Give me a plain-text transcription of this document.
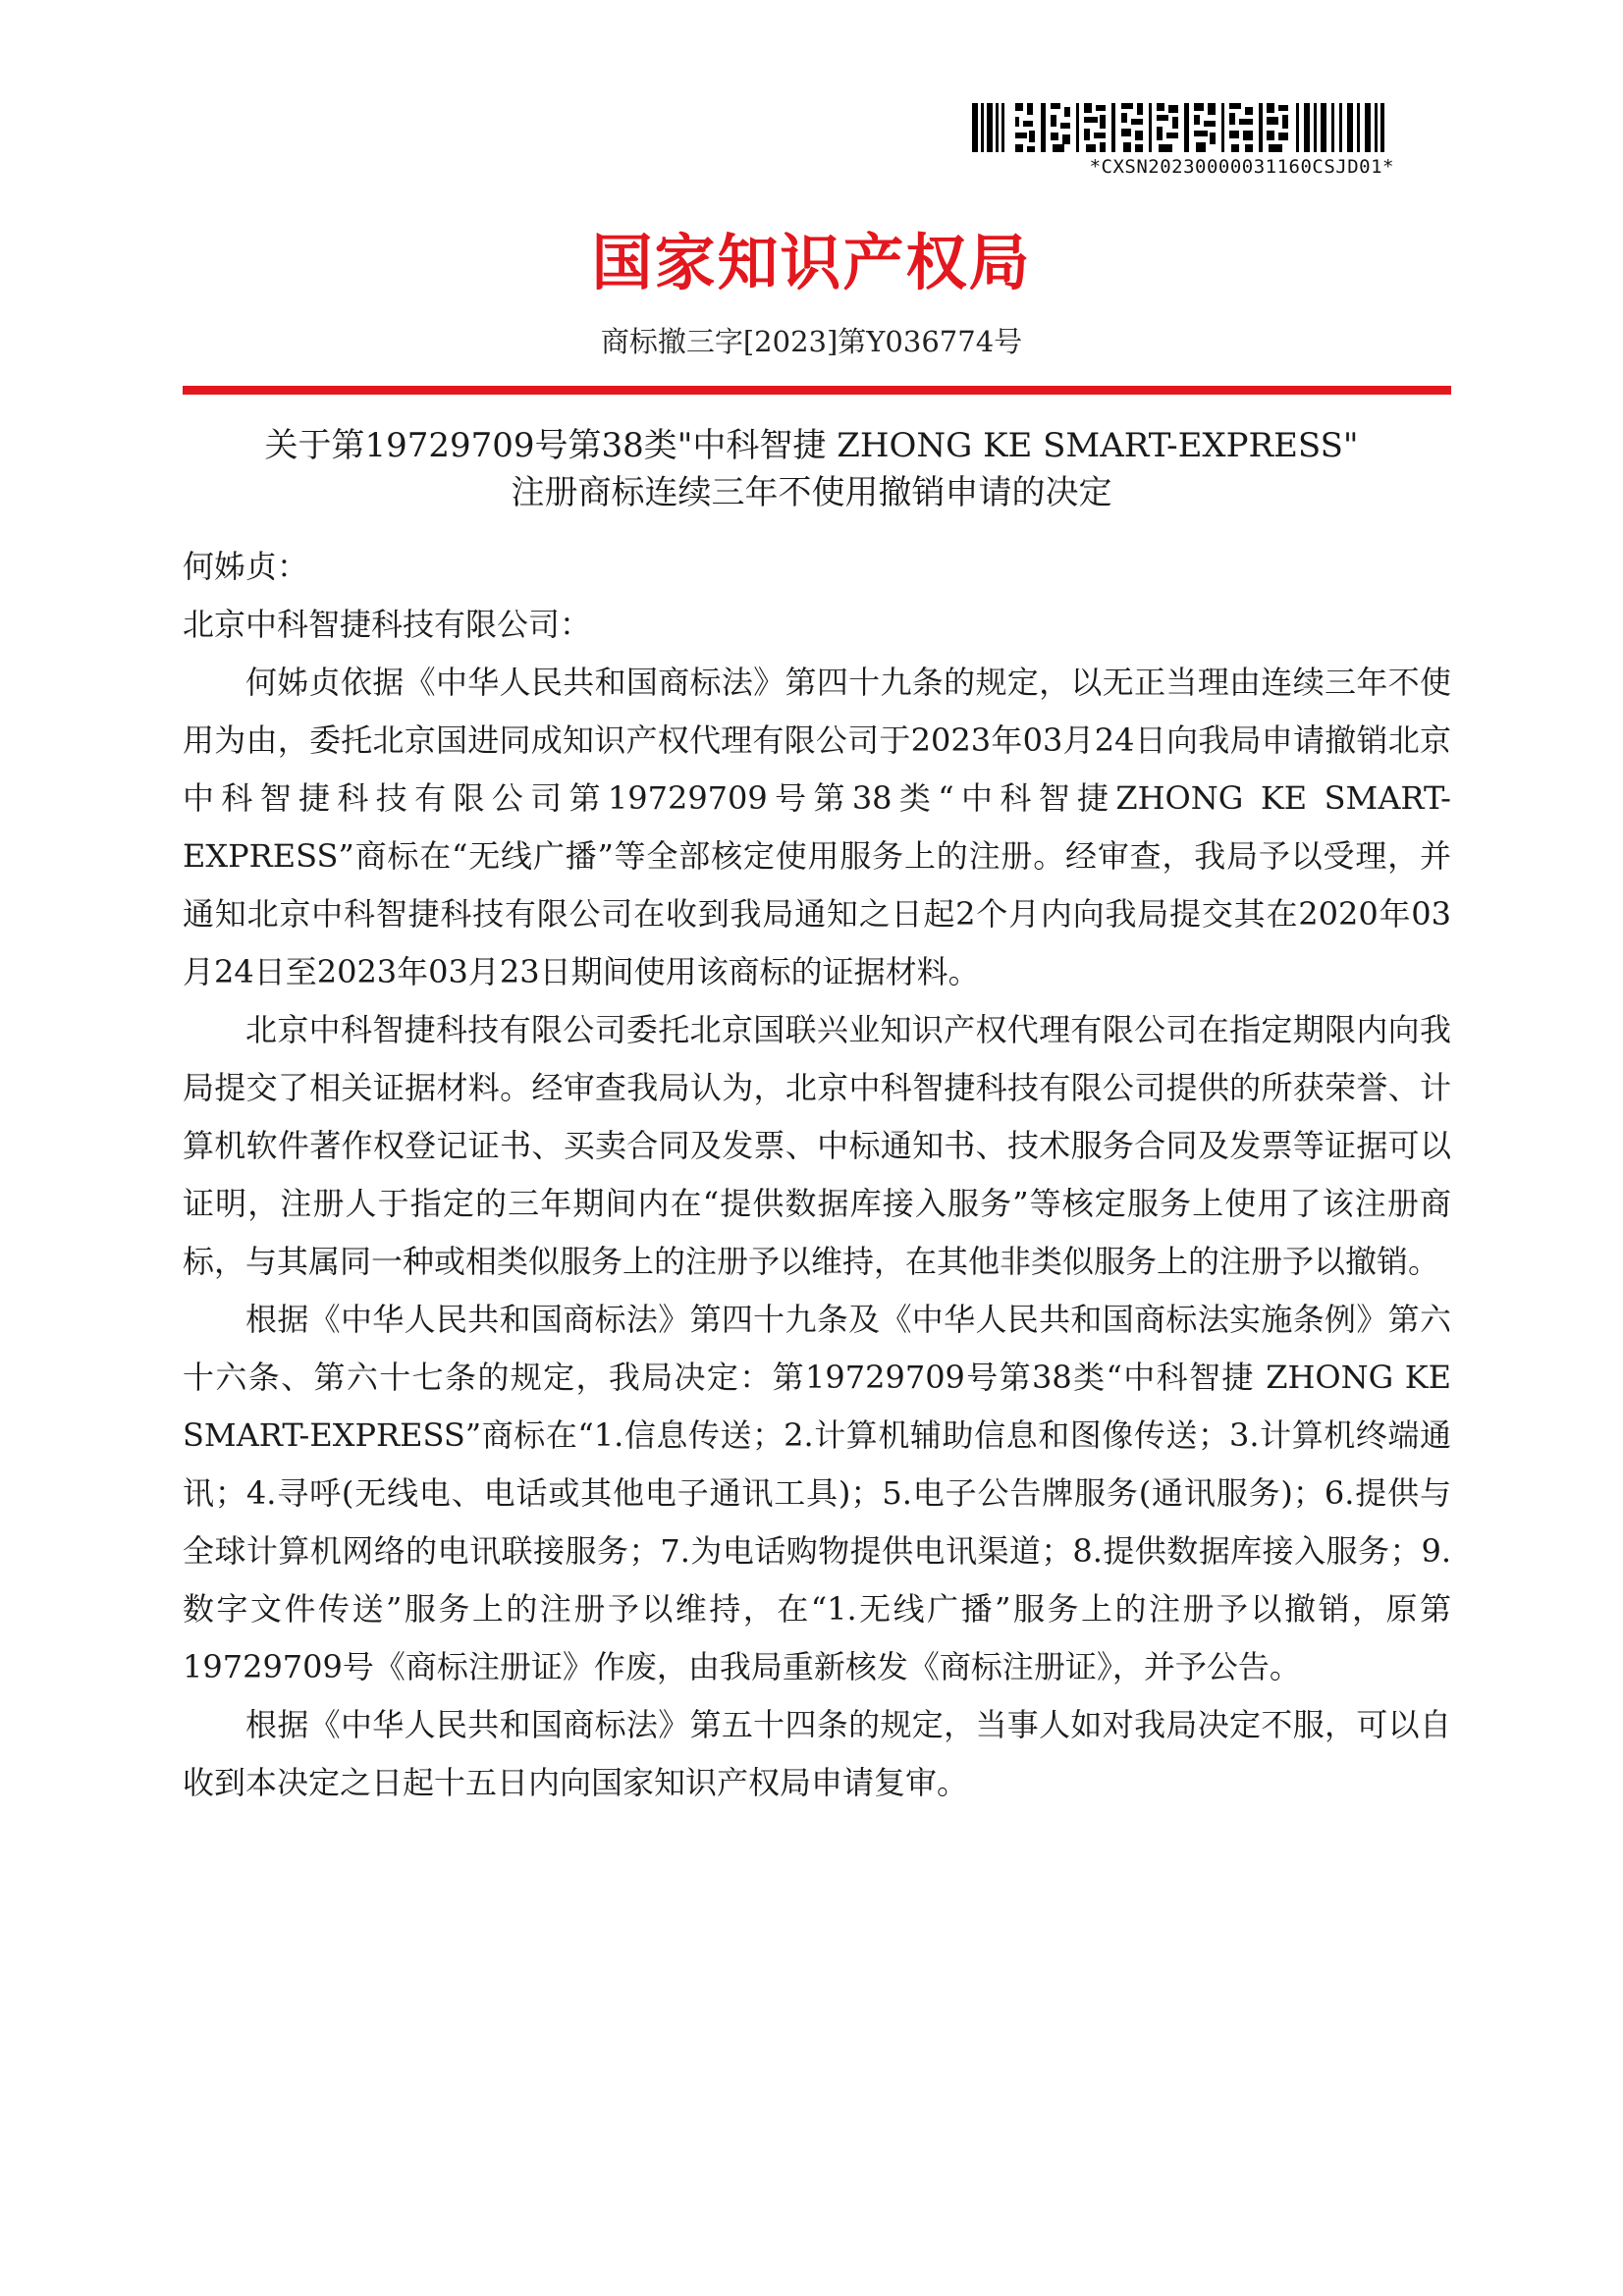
*CXSN20230000031160CSJD01*
国家知识产权局
商标撤三字[2023]第Y036774号
关于第19729709号第38类"中科智捷 ZHONG KE SMART-EXPRESS"
注册商标连续三年不使用撤销申请的决定

何姊贞：

北京中科智捷科技有限公司：

何姊贞依据《中华人民共和国商标法》第四十九条的规定，以无正当理由连续三年不使用为由，委托北京国进同成知识产权代理有限公司于2023年03月24日向我局申请撤销北京中科智捷科技有限公司第19729709号第38类“中科智捷ZHONG KE SMART-EXPRESS”商标在“无线广播”等全部核定使用服务上的注册。经审查，我局予以受理，并通知北京中科智捷科技有限公司在收到我局通知之日起2个月内向我局提交其在2020年03月24日至2023年03月23日期间使用该商标的证据材料。

北京中科智捷科技有限公司委托北京国联兴业知识产权代理有限公司在指定期限内向我局提交了相关证据材料。经审查我局认为，北京中科智捷科技有限公司提供的所获荣誉、计算机软件著作权登记证书、买卖合同及发票、中标通知书、技术服务合同及发票等证据可以证明，注册人于指定的三年期间内在“提供数据库接入服务”等核定服务上使用了该注册商标，与其属同一种或相类似服务上的注册予以维持，在其他非类似服务上的注册予以撤销。

根据《中华人民共和国商标法》第四十九条及《中华人民共和国商标法实施条例》第六十六条、第六十七条的规定，我局决定：第19729709号第38类“中科智捷 ZHONG KE SMART-EXPRESS”商标在“1.信息传送；2.计算机辅助信息和图像传送；3.计算机终端通讯；4.寻呼(无线电、电话或其他电子通讯工具)；5.电子公告牌服务(通讯服务)；6.提供与全球计算机网络的电讯联接服务；7.为电话购物提供电讯渠道；8.提供数据库接入服务；9.数字文件传送”服务上的注册予以维持，在“1.无线广播”服务上的注册予以撤销，原第19729709号《商标注册证》作废，由我局重新核发《商标注册证》，并予公告。

根据《中华人民共和国商标法》第五十四条的规定，当事人如对我局决定不服，可以自收到本决定之日起十五日内向国家知识产权局申请复审。
